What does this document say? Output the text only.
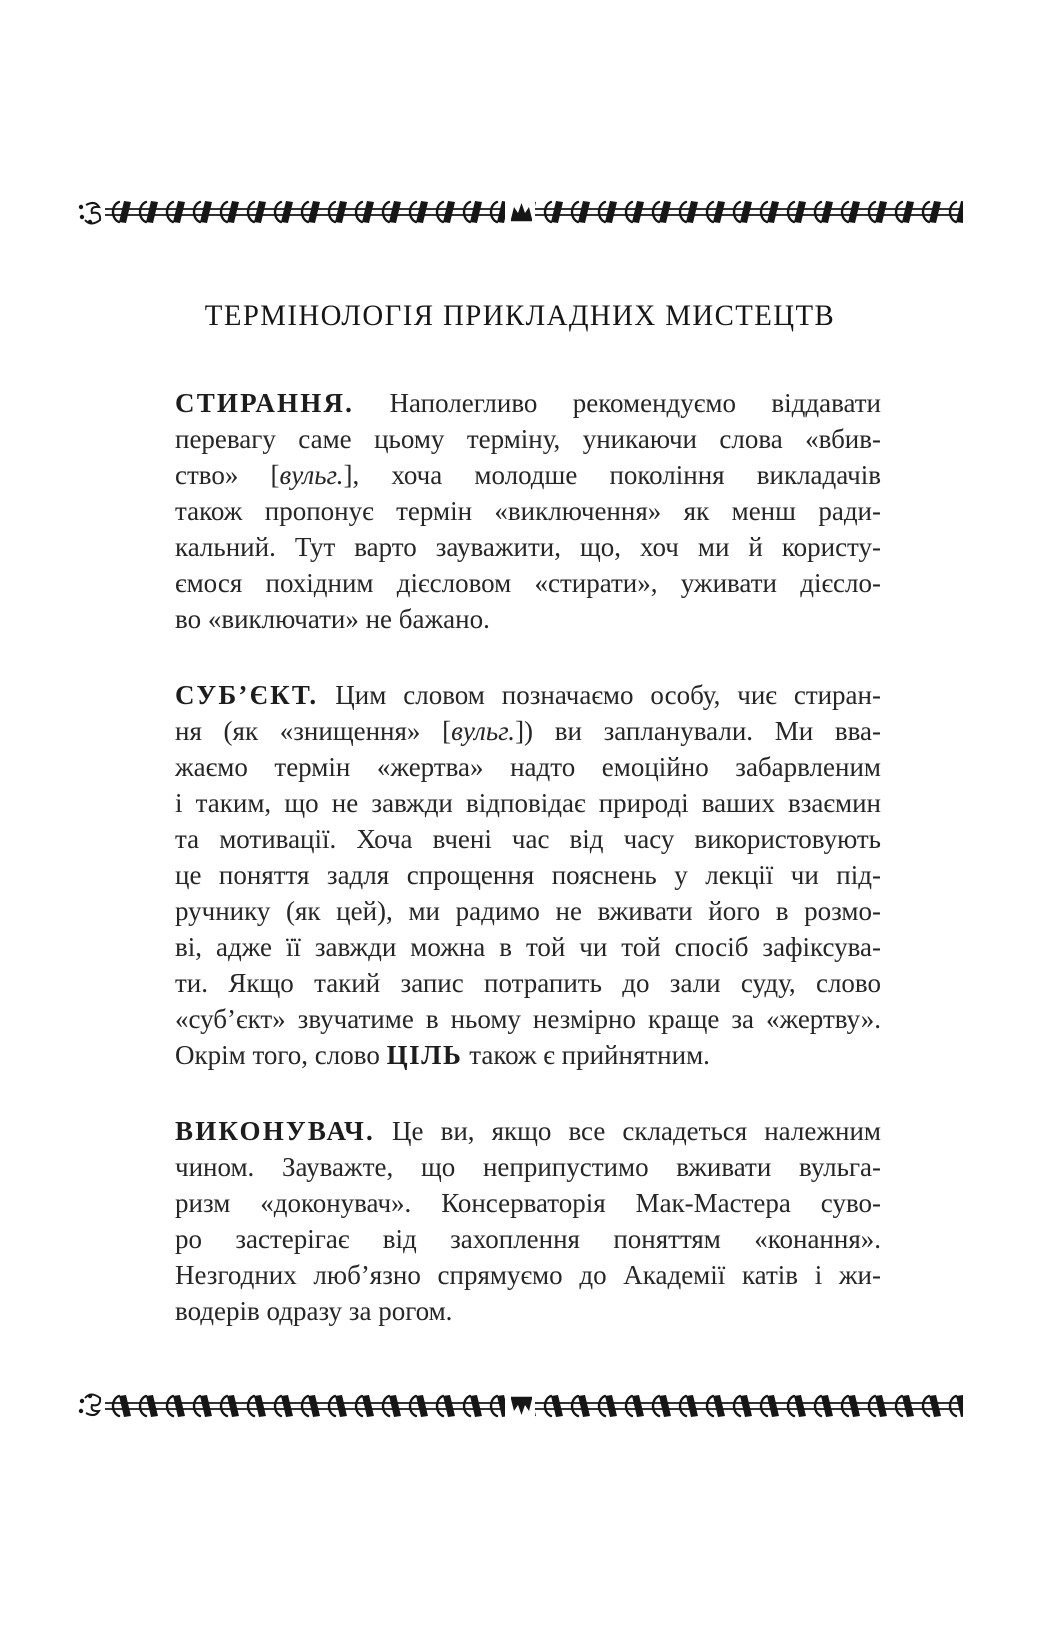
ТЕРМІНОЛОГІЯ ПРИКЛАДНИХ МИСТЕЦТВ
СТИРАННЯ. Наполегливо рекомендуємо віддавати
перевагу саме цьому терміну, уникаючи слова «вбив-
ство» [вульг.], хоча молодше покоління викладачів
також пропонує термін «виключення» як менш ради-
кальний. Тут варто зауважити, що, хоч ми й користу-
ємося похідним дієсловом «стирати», уживати дієсло-
во «виключати» не бажано.
СУБ’ЄКТ. Цим словом позначаємо особу, чиє стиран-
ня (як «знищення» [вульг.]) ви запланували. Ми вва-
жаємо термін «жертва» надто емоційно забарвленим
і таким, що не завжди відповідає природі ваших взаємин
та мотивації. Хоча вчені час від часу використовують
це поняття задля спрощення пояснень у лекції чи під-
ручнику (як цей), ми радимо не вживати його в розмо-
ві, адже її завжди можна в той чи той спосіб зафіксува-
ти. Якщо такий запис потрапить до зали суду, слово
«суб’єкт» звучатиме в ньому незмірно краще за «жертву».
Окрім того, слово ЦІЛЬ також є прийнятним.
ВИКОНУВАЧ. Це ви, якщо все складеться належним
чином. Зауважте, що неприпустимо вживати вульга-
ризм «доконувач». Консерваторія Мак-Мастера суво-
ро застерігає від захоплення поняттям «конання».
Незгодних люб’язно спрямуємо до Академії катів і жи-
водерів одразу за рогом.
